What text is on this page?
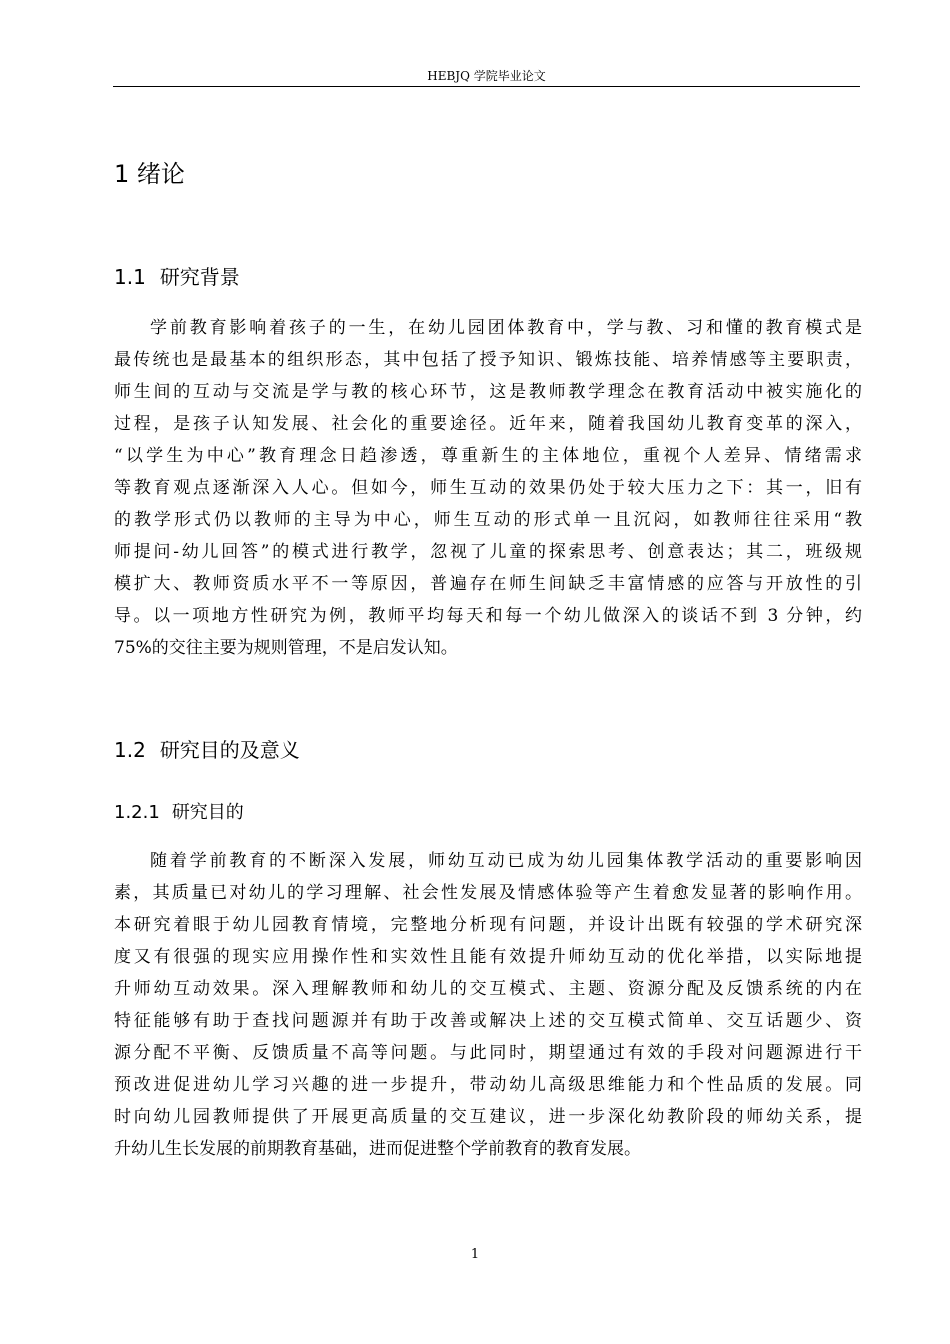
HEBJQ 学院毕业论文
1 绪论
1.1 研究背景
学前教育影响着孩子的一生，在幼儿园团体教育中，学与教、习和懂的教育模式是
最传统也是最基本的组织形态，其中包括了授予知识、锻炼技能、培养情感等主要职责，
师生间的互动与交流是学与教的核心环节，这是教师教学理念在教育活动中被实施化的
过程，是孩子认知发展、社会化的重要途径。近年来，随着我国幼儿教育变革的深入，
“以学生为中心”教育理念日趋渗透，尊重新生的主体地位，重视个人差异、情绪需求
等教育观点逐渐深入人心。但如今，师生互动的效果仍处于较大压力之下：其一，旧有
的教学形式仍以教师的主导为中心，师生互动的形式单一且沉闷，如教师往往采用“教
师提问-幼儿回答”的模式进行教学，忽视了儿童的探索思考、创意表达；其二，班级规
模扩大、教师资质水平不一等原因，普遍存在师生间缺乏丰富情感的应答与开放性的引
导。以一项地方性研究为例，教师平均每天和每一个幼儿做深入的谈话不到 3 分钟，约
75%的交往主要为规则管理，不是启发认知。
1.2 研究目的及意义
1.2.1 研究目的
随着学前教育的不断深入发展，师幼互动已成为幼儿园集体教学活动的重要影响因
素，其质量已对幼儿的学习理解、社会性发展及情感体验等产生着愈发显著的影响作用。
本研究着眼于幼儿园教育情境，完整地分析现有问题，并设计出既有较强的学术研究深
度又有很强的现实应用操作性和实效性且能有效提升师幼互动的优化举措，以实际地提
升师幼互动效果。深入理解教师和幼儿的交互模式、主题、资源分配及反馈系统的内在
特征能够有助于查找问题源并有助于改善或解决上述的交互模式简单、交互话题少、资
源分配不平衡、反馈质量不高等问题。与此同时，期望通过有效的手段对问题源进行干
预改进促进幼儿学习兴趣的进一步提升，带动幼儿高级思维能力和个性品质的发展。同
时向幼儿园教师提供了开展更高质量的交互建议，进一步深化幼教阶段的师幼关系，提
升幼儿生长发展的前期教育基础，进而促进整个学前教育的教育发展。
1
